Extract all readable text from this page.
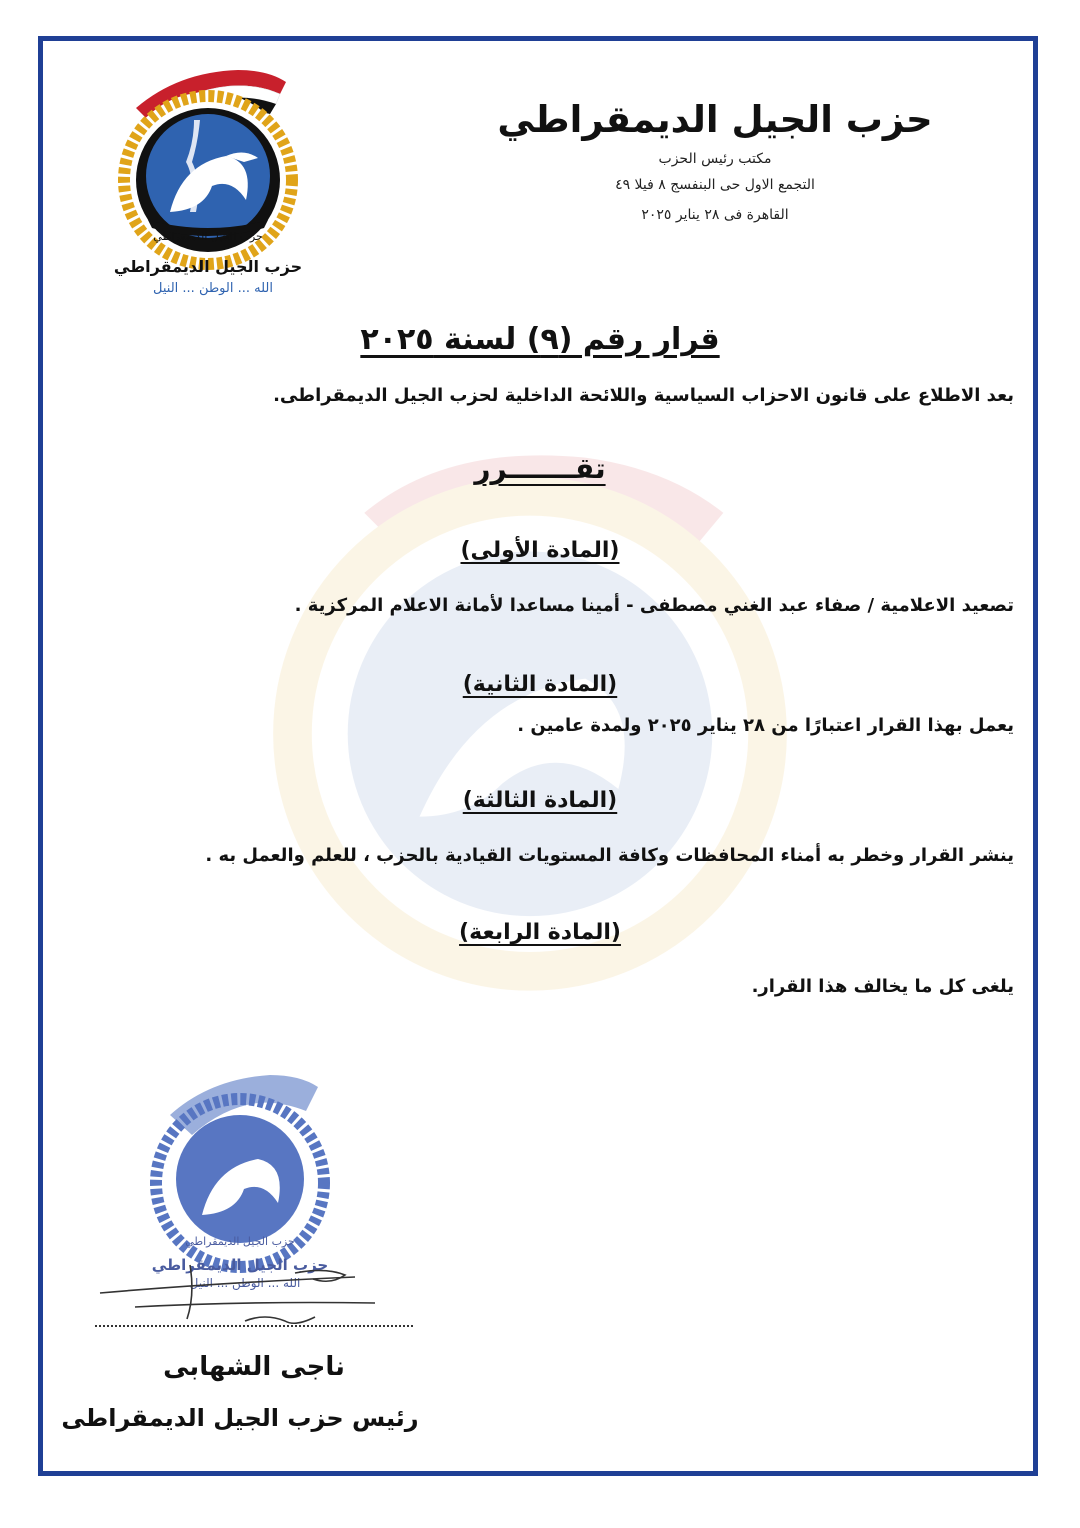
حزب الجيل الديمقراطي
حزب الجيل الديمقراطي
الله ... الوطن ... النيل
حزب الجيل الديمقراطي
مكتب رئيس الحزب
التجمع الاول حى البنفسج ٨ فيلا ٤٩
القاهرة فى ٢٨ يناير ٢٠٢٥
قرار رقم (٩) لسنة ٢٠٢٥
بعد الاطلاع على قانون الاحزاب السياسية واللائحة الداخلية لحزب الجيل الديمقراطى.
تقـــــــرر
(المادة الأولى)
تصعيد الاعلامية / صفاء عبد الغني مصطفى - أمينا مساعدا لأمانة الاعلام المركزية .
(المادة الثانية)
يعمل بهذا القرار اعتبارًا من ٢٨ يناير ٢٠٢٥ ولمدة عامين .
(المادة الثالثة)
ينشر القرار وخطر به أمناء المحافظات وكافة المستويات القيادية بالحزب ، للعلم والعمل به .
(المادة الرابعة)
يلغى كل ما يخالف هذا القرار.
حزب الجيل الديمقراطي
حزب الجيل الديمقراطي
الله ... الوطن ... النيل
ناجى الشهابى
رئيس حزب الجيل الديمقراطى
